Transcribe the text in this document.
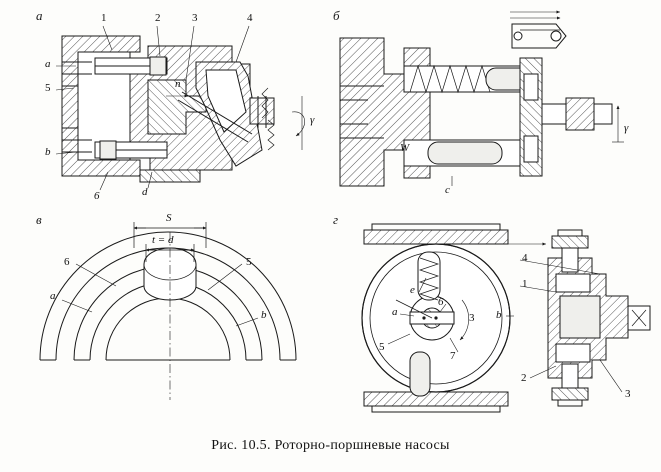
а	б
в	г
1	2	3	4
а
5
b
6	d
n
γ
W
γ
с
S
t = d
6	5
а
b
е
а
6
3 b
5
7
4
1
2
3
Рис. 10.5. Роторно-поршневые насосы
